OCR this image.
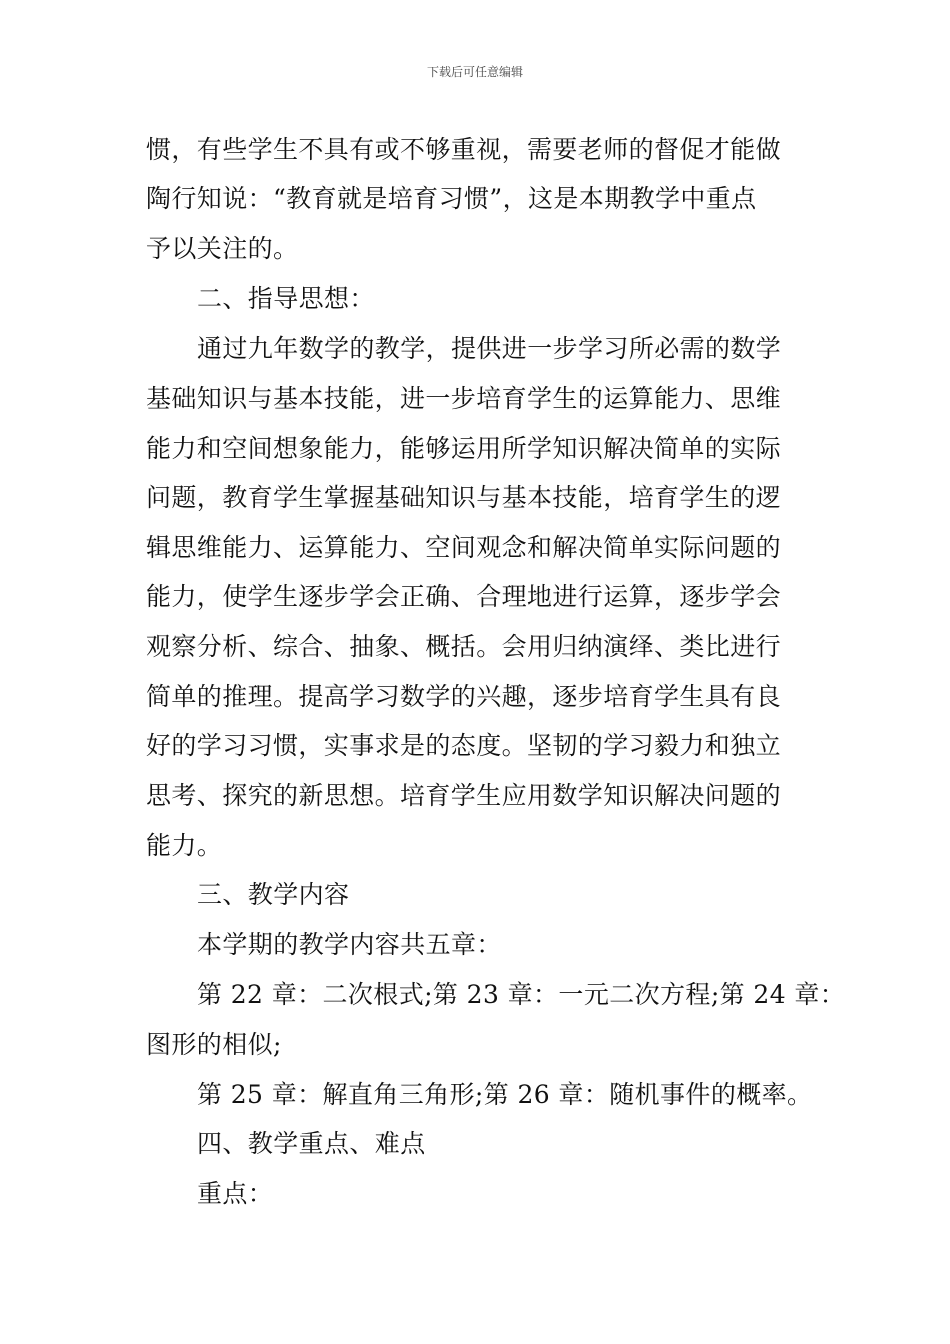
下载后可任意编辑
惯，有些学生不具有或不够重视，需要老师的督促才能做
陶行知说：“教育就是培育习惯”，这是本期教学中重点
予以关注的。
二、指导思想：
通过九年数学的教学，提供进一步学习所必需的数学
基础知识与基本技能，进一步培育学生的运算能力、思维
能力和空间想象能力，能够运用所学知识解决简单的实际
问题，教育学生掌握基础知识与基本技能，培育学生的逻
辑思维能力、运算能力、空间观念和解决简单实际问题的
能力，使学生逐步学会正确、合理地进行运算，逐步学会
观察分析、综合、抽象、概括。会用归纳演绎、类比进行
简单的推理。提高学习数学的兴趣，逐步培育学生具有良
好的学习习惯，实事求是的态度。坚韧的学习毅力和独立
思考、探究的新思想。培育学生应用数学知识解决问题的
能力。
三、教学内容
本学期的教学内容共五章：
第 22 章：二次根式;第 23 章：一元二次方程;第 24 章：
图形的相似;
第 25 章：解直角三角形;第 26 章：随机事件的概率。
四、教学重点、难点
重点：
